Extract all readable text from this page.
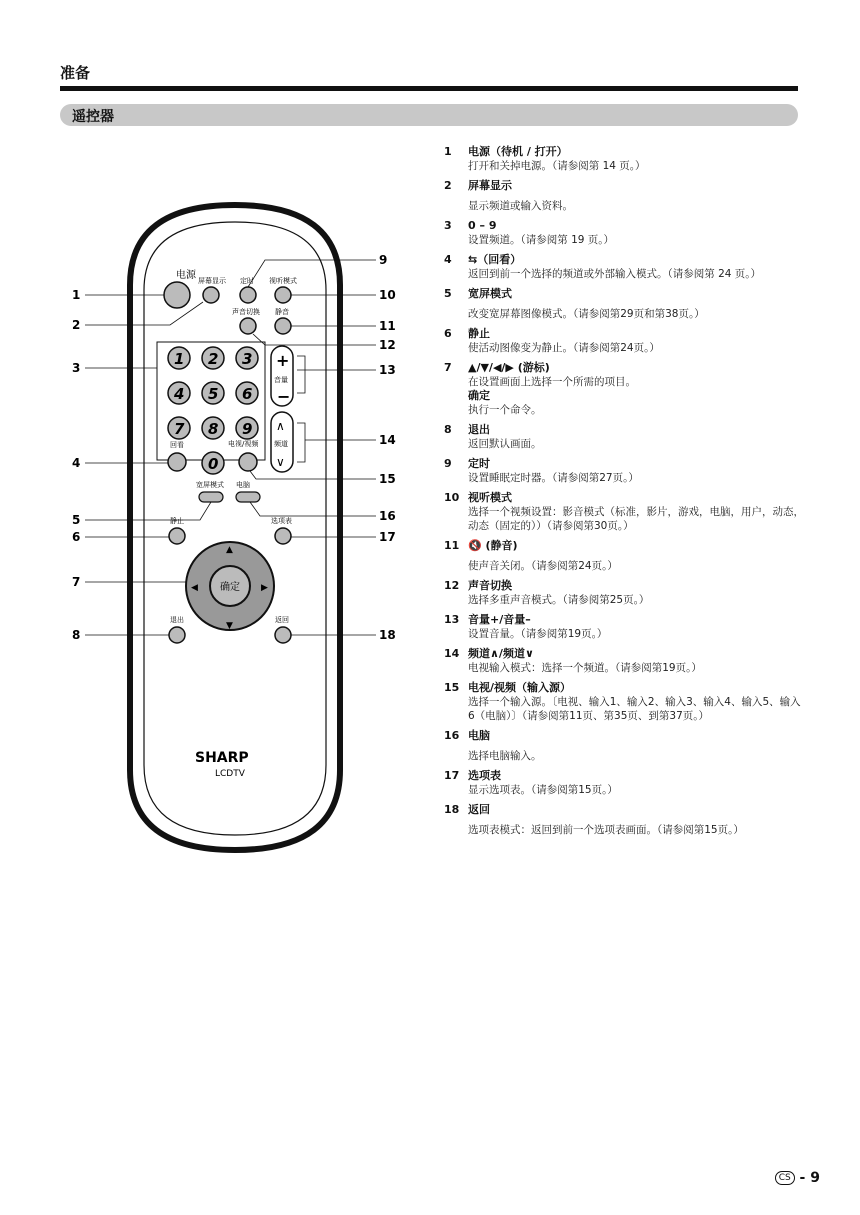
准备
遥控器
电源 屏幕显示 定时 视听模式
声音切换 静音
1 2 3
4 5 6
7 8 9
0
+
音量
−
∧
频道
∨
回看	电视/视频
宽屏模式 电脑
静止	选项表
确定
▲
▼
◀	▶
退出	返回
SHARP
LCDTV
1
2
3
4
5
6
7
8
9
10
11
12
13
14
15
16
17
18
1 电源（待机 / 打开）
打开和关掉电源。（请参阅第 14 页。）
2 屏幕显示
显示频道或输入资料。
3 0 – 9
设置频道。（请参阅第 19 页。）
4 ⇆（回看）
返回到前一个选择的频道或外部输入模式。（请参阅第 24 页。）
5 宽屏模式
改变宽屏幕图像模式。（请参阅第29页和第38页。）
6 静止
使活动图像变为静止。（请参阅第24页。）
7 ▲/▼/◀/▶ (游标)
在设置画面上选择一个所需的项目。
确定
执行一个命令。
8 退出
返回默认画面。
9 定时
设置睡眠定时器。（请参阅第27页。）
10 视听模式
选择一个视频设置：影音模式（标准，影片，游戏，电脑，用户，动态，动态（固定的））（请参阅第30页。）
11 🔇 (静音)
使声音关闭。（请参阅第24页。）
12 声音切换
选择多重声音模式。（请参阅第25页。）
13 音量+/音量–
设置音量。（请参阅第19页。）
14 频道∧/频道∨
电视输入模式：选择一个频道。（请参阅第19页。）
15 电视/视频（输入源）
选择一个输入源。〔电视、输入1、输入2、输入3、输入4、输入5、输入6（电脑）〕（请参阅第11页、第35页、到第37页。）
16 电脑
选择电脑输入。
17 选项表
显示选项表。（请参阅第15页。）
18 返回
选项表模式：返回到前一个选项表画面。（请参阅第15页。）
CS - 9
